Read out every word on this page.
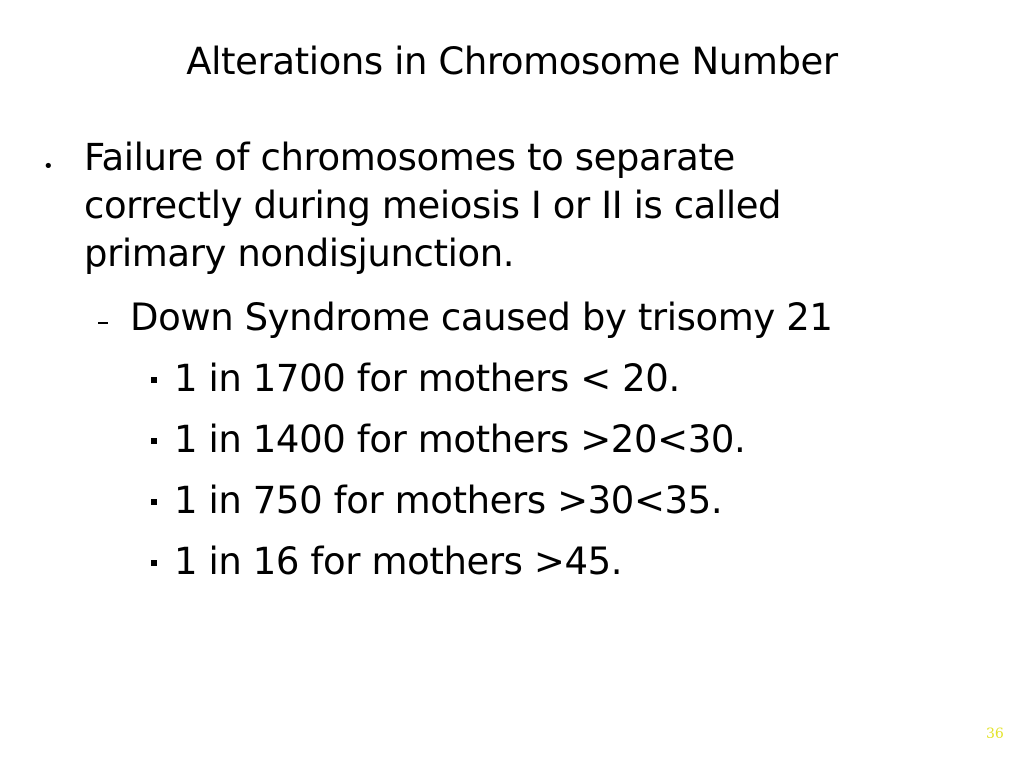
Alterations in Chromosome Number
• Failure of chromosomes to separate
correctly during meiosis I or II is called
primary nondisjunction.
Down Syndrome caused by trisomy 21
1 in 1700 for mothers < 20.
1 in 1400 for mothers >20<30.
1 in 750 for mothers >30<35.
1 in 16 for mothers >45.
36
